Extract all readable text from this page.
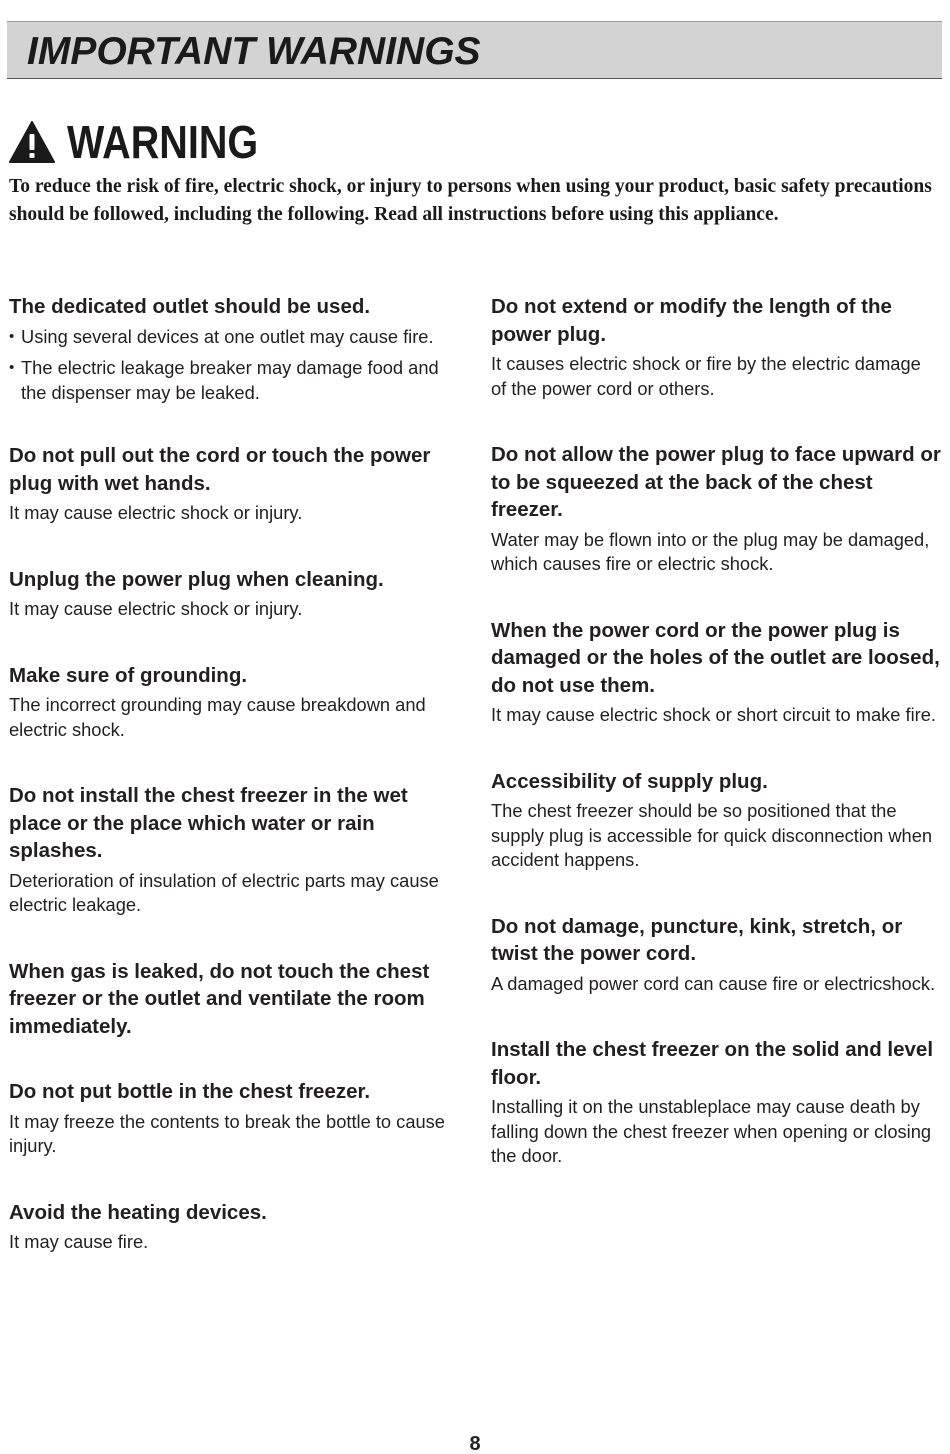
IMPORTANT WARNINGS
WARNING
To reduce the risk of fire, electric shock, or injury to persons when using your product, basic safety precautions should be followed, including the following. Read all instructions before using this appliance.
The dedicated outlet should be used.
• Using several devices at one outlet may cause fire.
• The electric leakage breaker may damage food and the dispenser may be leaked.
Do not pull out the cord or touch the power plug with wet hands.
It may cause electric shock or injury.
Unplug the power plug when cleaning.
It may cause electric shock or injury.
Make sure of grounding.
The incorrect grounding may cause breakdown and electric shock.
Do not install the chest freezer in the wet place or the place which water or rain splashes.
Deterioration of insulation of electric parts may cause electric leakage.
When gas is leaked, do not touch the chest freezer or the outlet and ventilate the room immediately.
Do not put bottle in the chest freezer.
It may freeze the contents to break the bottle to cause injury.
Avoid the heating devices.
It may cause fire.
Do not extend or modify the length of the power plug.
It causes electric shock or fire by the electric damage of the power cord or others.
Do not allow the power plug to face upward or to be squeezed at the back of the chest freezer.
Water may be flown into or the plug may be damaged, which causes fire or electric shock.
When the power cord or the power plug is damaged or the holes of the outlet are loosed, do not use them.
It may cause electric shock or short circuit to make fire.
Accessibility of supply plug.
The chest freezer should be so positioned that the supply plug is accessible for quick disconnection when accident happens.
Do not damage, puncture, kink, stretch, or twist the power cord.
A damaged power cord can cause fire or electricshock.
Install the chest freezer on the solid and level floor.
Installing it on the unstableplace may cause death by falling down the chest freezer when opening or closing the door.
8
